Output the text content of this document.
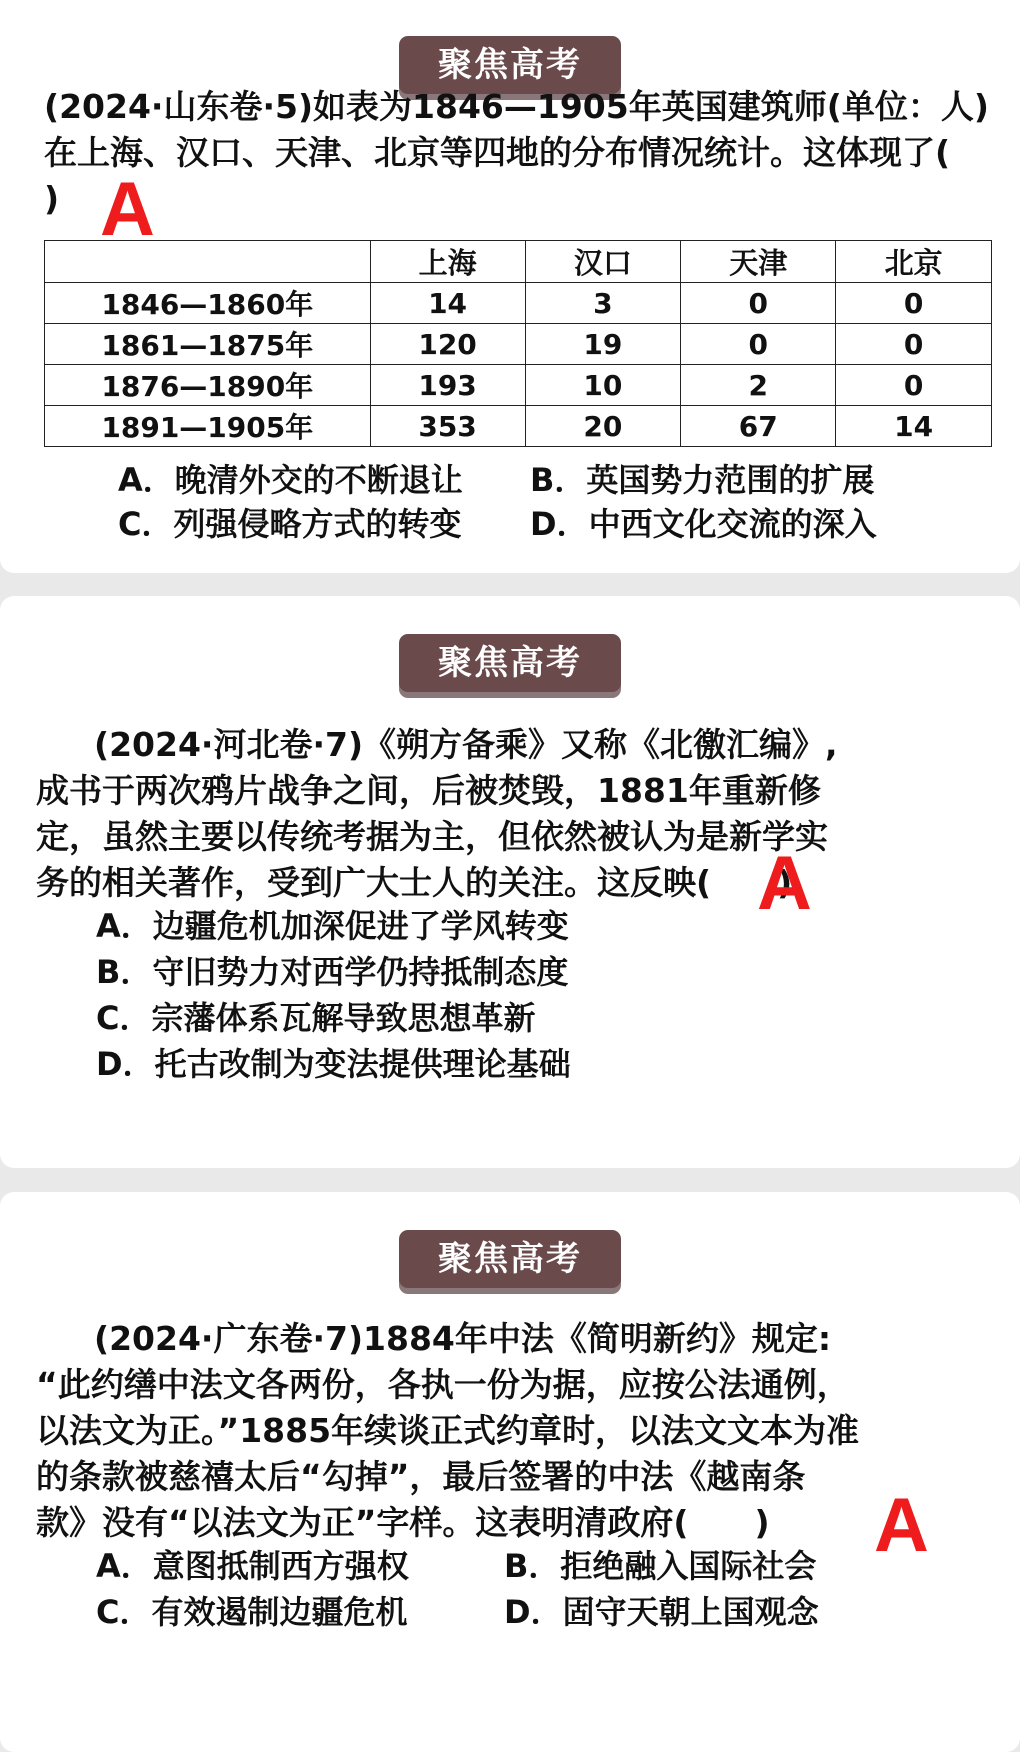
聚焦高考
(2024·山东卷·5)如表为1846—1905年英国建筑师(单位：人)
在上海、汉口、天津、北京等四地的分布情况统计。这体现了(
) A
	上海	汉口	天津	北京
1846—1860年	14	3	0	0
1861—1875年	120	19	0	0
1876—1890年	193	10	2	0
1891—1905年	353	20	67	14
A．晚清外交的不断退让 B．英国势力范围的扩展
C．列强侵略方式的转变 D．中西文化交流的深入
聚焦高考
(2024·河北卷·7)《朔方备乘》又称《北徼汇编》,
成书于两次鸦片战争之间，后被焚毁，1881年重新修
定，虽然主要以传统考据为主，但依然被认为是新学实
务的相关著作，受到广大士人的关注。这反映(　　)
A
A．边疆危机加深促进了学风转变
B．守旧势力对西学仍持抵制态度
C．宗藩体系瓦解导致思想革新
D．托古改制为变法提供理论基础
聚焦高考
(2024·广东卷·7)1884年中法《简明新约》规定:
“此约缮中法文各两份，各执一份为据，应按公法通例，
以法文为正。”1885年续谈正式约章时，以法文文本为准
的条款被慈禧太后“勾掉”，最后签署的中法《越南条
款》没有“以法文为正”字样。这表明清政府(　　)	A
A．意图抵制西方强权	B．拒绝融入国际社会
C．有效遏制边疆危机	D．固守天朝上国观念
